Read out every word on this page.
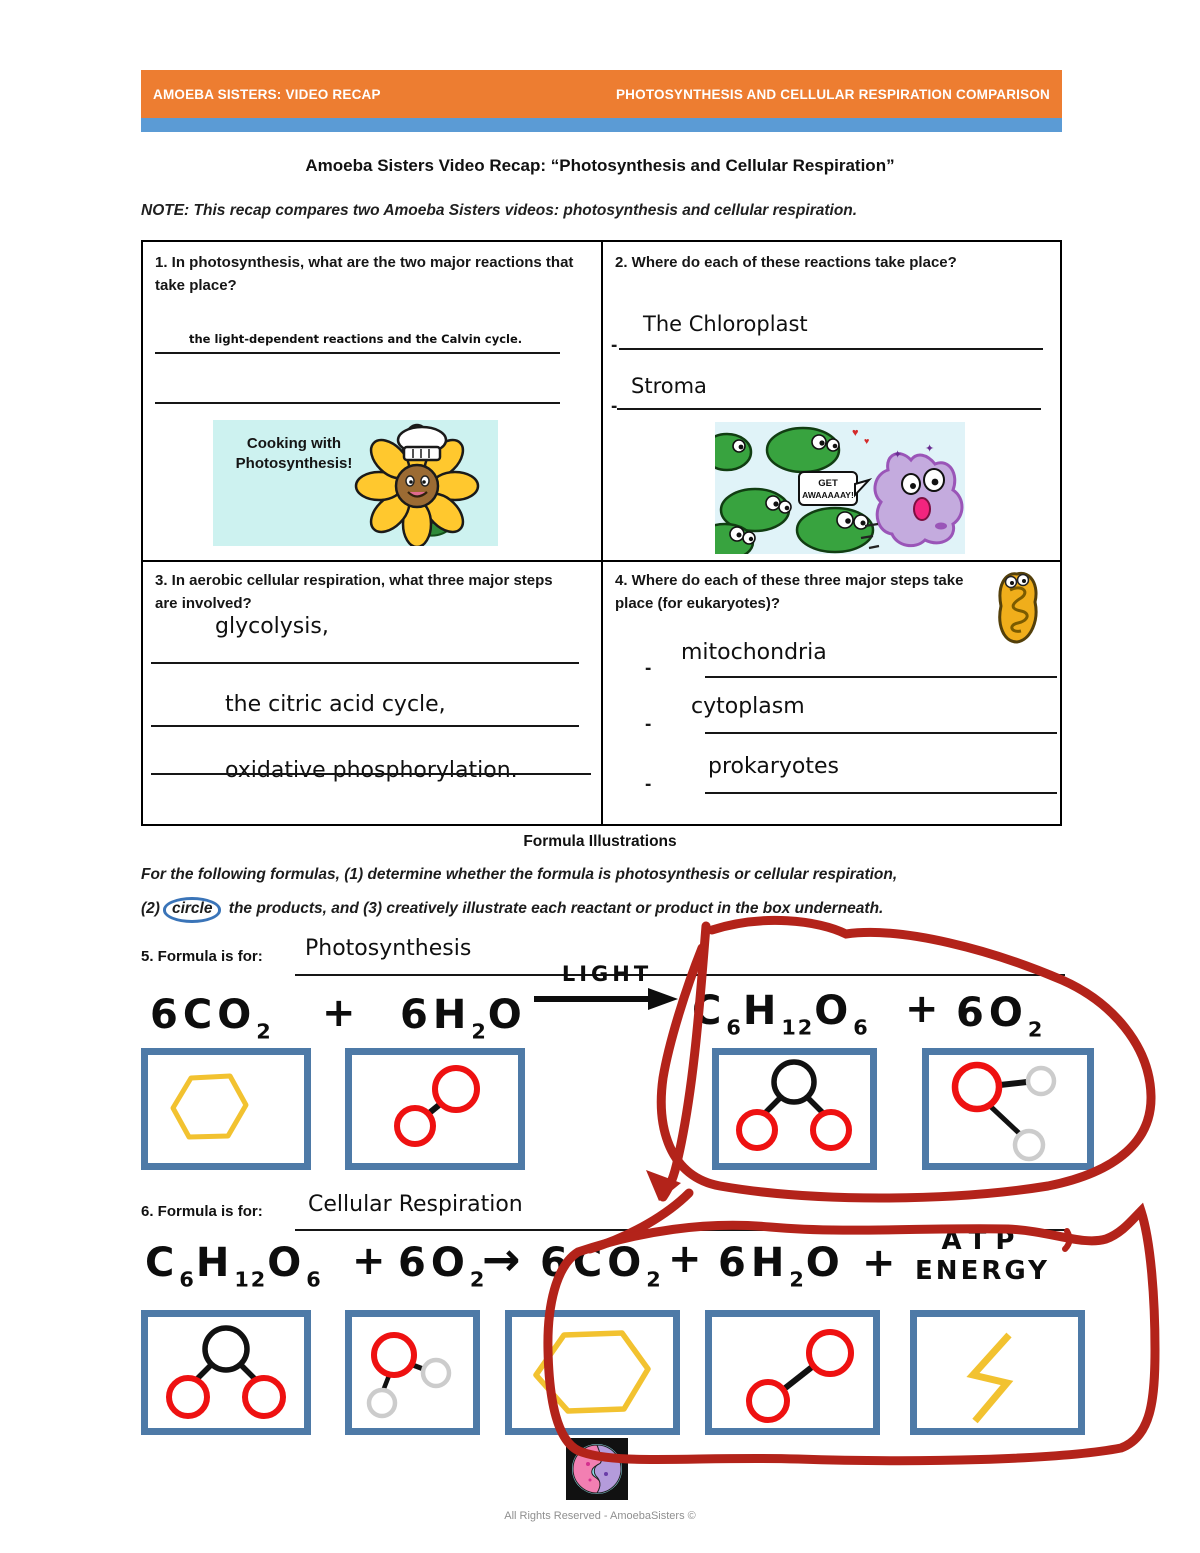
AMOEBA SISTERS: VIDEO RECAP	PHOTOSYNTHESIS AND CELLULAR RESPIRATION COMPARISON
Amoeba Sisters Video Recap: “Photosynthesis and Cellular Respiration”
NOTE: This recap compares two Amoeba Sisters videos: photosynthesis and cellular respiration.
1. In photosynthesis, what are the two major reactions that take place?
the light-dependent reactions and the Calvin cycle.
Cooking with
Photosynthesis!
2. Where do each of these reactions take place?
-
The Chloroplast
-
Stroma
♥
♥
✦ ✦
GET
AWAAAAAY!
3. In aerobic cellular respiration, what three major steps are involved?
glycolysis,
the citric acid cycle,
oxidative phosphorylation.
4. Where do each of these three major steps take place (for eukaryotes)?
-
mitochondria
-
cytoplasm
-
prokaryotes
Formula Illustrations
For the following formulas, (1) determine whether the formula is photosynthesis or cellular respiration,
(2) circle the products, and (3) creatively illustrate each reactant or product in the box underneath.
5. Formula is for: Photosynthesis
$6CO_2 + 6H_2O$
LIGHT
$C_6H_{12}O_6 + 6O_2$
6. Formula is for: Cellular Respiration
$C_6H_{12}O_6 + 6O_2$
→ $6CO_2 + 6H_2O$ +	ATP
ENERGY
All Rights Reserved - AmoebaSisters ©
